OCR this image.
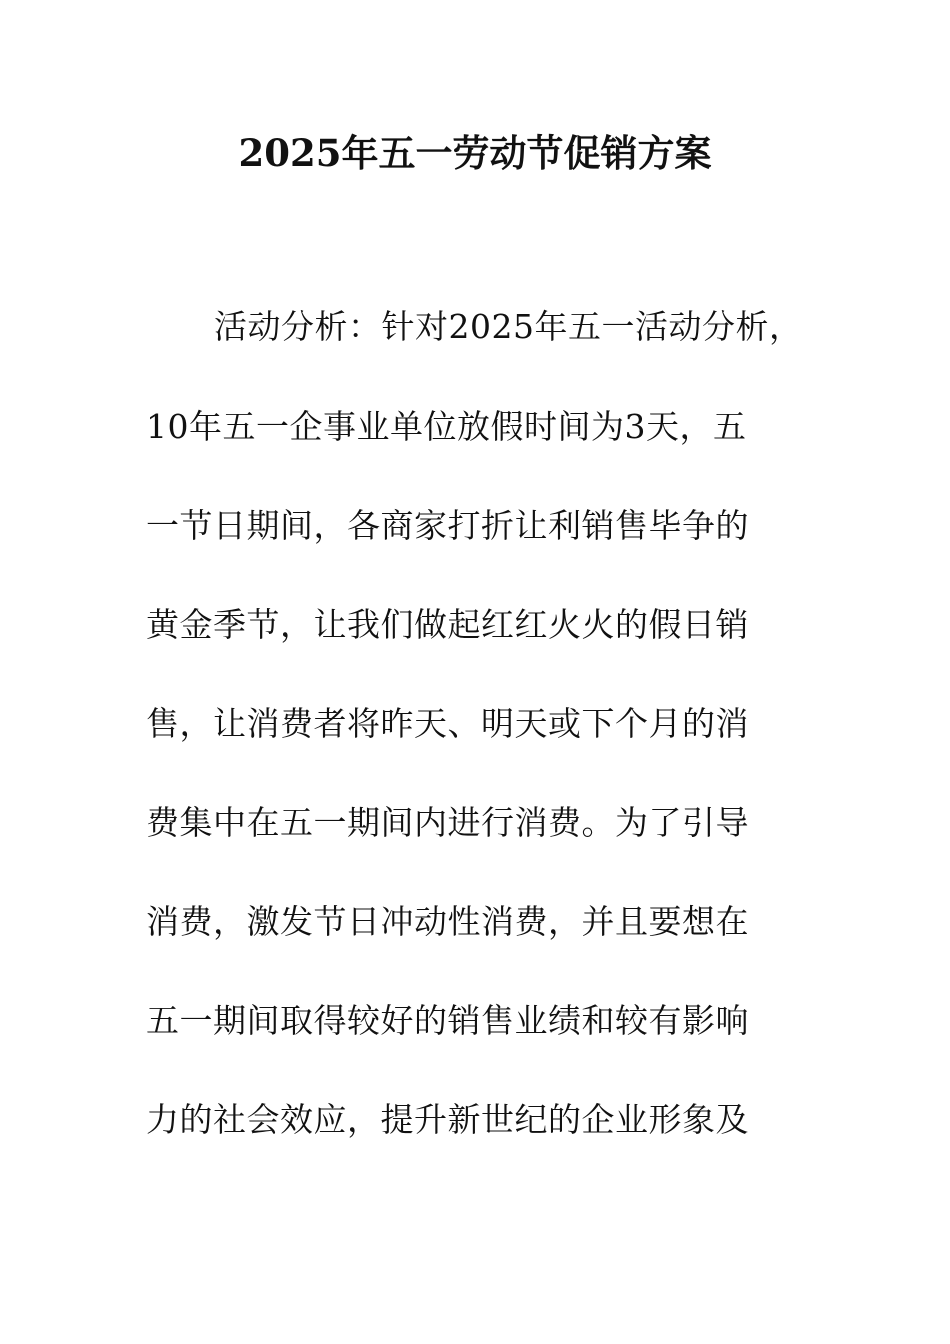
2025年五一劳动节促销方案
活动分析：针对2025年五一活动分析，
10年五一企事业单位放假时间为3天，五
一节日期间，各商家打折让利销售毕争的
黄金季节，让我们做起红红火火的假日销
售，让消费者将昨天、明天或下个月的消
费集中在五一期间内进行消费。为了引导
消费，激发节日冲动性消费，并且要想在
五一期间取得较好的销售业绩和较有影响
力的社会效应，提升新世纪的企业形象及
